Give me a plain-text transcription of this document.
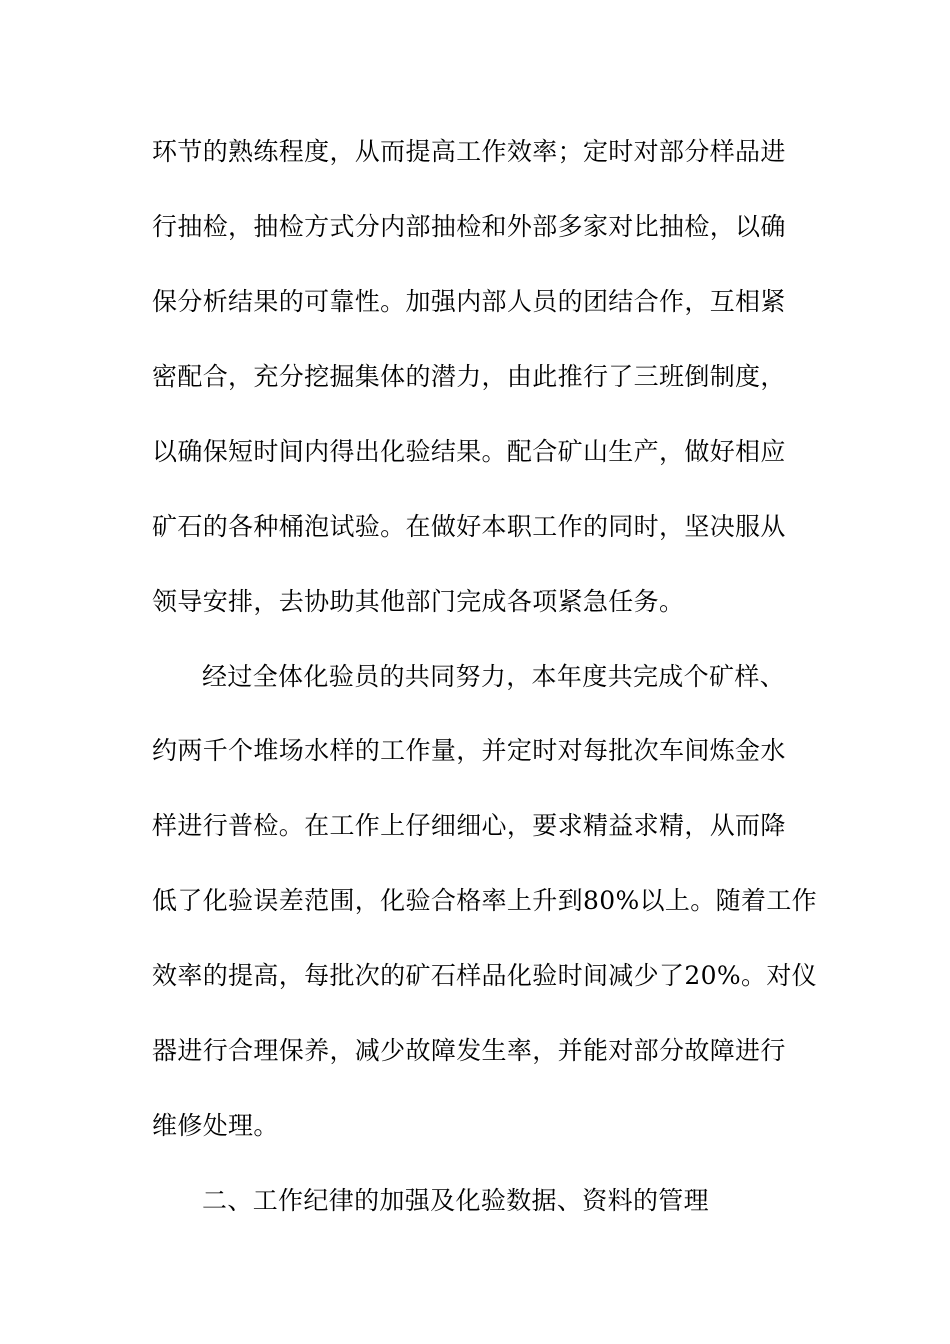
环节的熟练程度，从而提高工作效率；定时对部分样品进
行抽检，抽检方式分内部抽检和外部多家对比抽检，以确
保分析结果的可靠性。加强内部人员的团结合作，互相紧
密配合，充分挖掘集体的潜力，由此推行了三班倒制度，
以确保短时间内得出化验结果。配合矿山生产，做好相应
矿石的各种桶泡试验。在做好本职工作的同时，坚决服从
领导安排，去协助其他部门完成各项紧急任务。
经过全体化验员的共同努力，本年度共完成个矿样、
约两千个堆场水样的工作量，并定时对每批次车间炼金水
样进行普检。在工作上仔细细心，要求精益求精，从而降
低了化验误差范围，化验合格率上升到80%以上。随着工作
效率的提高，每批次的矿石样品化验时间减少了20%。对仪
器进行合理保养，减少故障发生率，并能对部分故障进行
维修处理。
二、工作纪律的加强及化验数据、资料的管理
